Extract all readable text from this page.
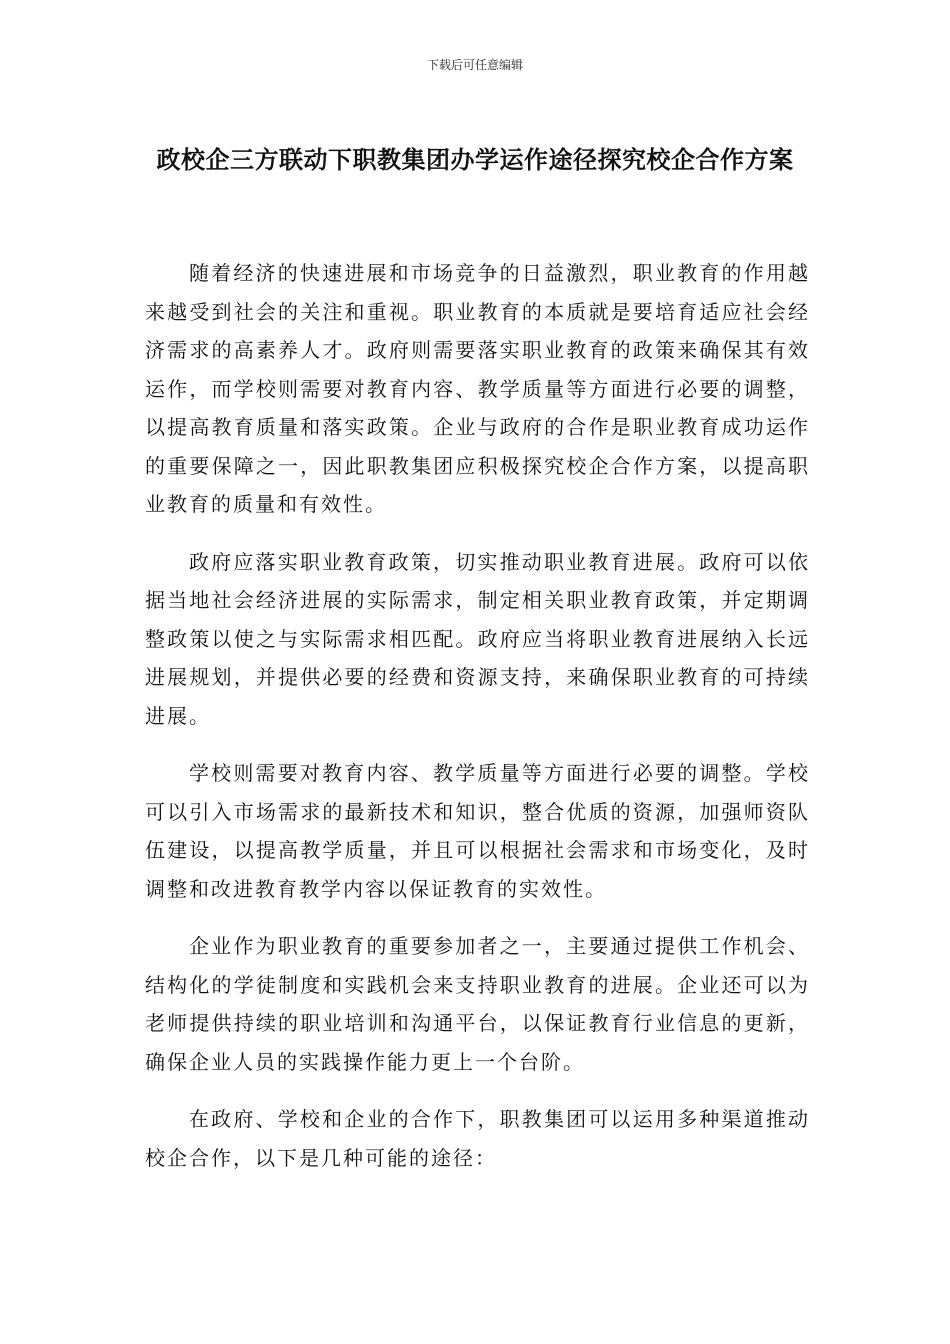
下载后可任意编辑
政校企三方联动下职教集团办学运作途径探究校企合作方案

随着经济的快速进展和市场竞争的日益激烈，职业教育的作用越来越受到社会的关注和重视。职业教育的本质就是要培育适应社会经济需求的高素养人才。政府则需要落实职业教育的政策来确保其有效运作，而学校则需要对教育内容、教学质量等方面进行必要的调整，以提高教育质量和落实政策。企业与政府的合作是职业教育成功运作的重要保障之一，因此职教集团应积极探究校企合作方案，以提高职业教育的质量和有效性。

政府应落实职业教育政策，切实推动职业教育进展。政府可以依据当地社会经济进展的实际需求，制定相关职业教育政策，并定期调整政策以使之与实际需求相匹配。政府应当将职业教育进展纳入长远进展规划，并提供必要的经费和资源支持，来确保职业教育的可持续进展。

学校则需要对教育内容、教学质量等方面进行必要的调整。学校可以引入市场需求的最新技术和知识，整合优质的资源，加强师资队伍建设，以提高教学质量，并且可以根据社会需求和市场变化，及时调整和改进教育教学内容以保证教育的实效性。

企业作为职业教育的重要参加者之一，主要通过提供工作机会、结构化的学徒制度和实践机会来支持职业教育的进展。企业还可以为老师提供持续的职业培训和沟通平台，以保证教育行业信息的更新，确保企业人员的实践操作能力更上一个台阶。

在政府、学校和企业的合作下，职教集团可以运用多种渠道推动校企合作，以下是几种可能的途径：
